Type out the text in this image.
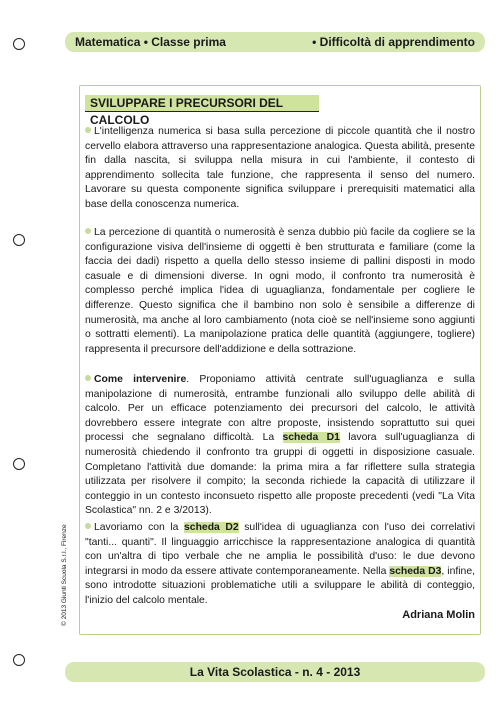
Matematica • Classe prima	• Difficoltà di apprendimento
SVILUPPARE I PRECURSORI DEL CALCOLO
© 2013 Giunti Scuola S.r.l., Firenze

L'intelligenza numerica si basa sulla percezione di piccole quantità che il nostro cervello elabora attraverso una rappresentazione analogica. Questa abilità, presente fin dalla nascita, si sviluppa nella misura in cui l'ambiente, il contesto di apprendimento sollecita tale funzione, che rappresenta il senso del numero. Lavorare su questa componente significa sviluppare i prerequisiti matematici alla base della conoscenza numerica.

La percezione di quantità o numerosità è senza dubbio più facile da cogliere se la configurazione visiva dell'insieme di oggetti è ben strutturata e familiare (come la faccia dei dadi) rispetto a quella dello stesso insieme di pallini disposti in modo casuale e di dimensioni diverse. In ogni modo, il confronto tra numerosità è complesso perché implica l'idea di uguaglianza, fondamentale per cogliere le differenze. Questo significa che il bambino non solo è sensibile a differenze di numerosità, ma anche al loro cambiamento (nota cioè se nell'insieme sono aggiunti o sottratti elementi). La manipolazione pratica delle quantità (aggiungere, togliere) rappresenta il precursore dell'addizione e della sottrazione.

Come intervenire. Proponiamo attività centrate sull'uguaglianza e sulla manipolazione di numerosità, entrambe funzionali allo sviluppo delle abilità di calcolo. Per un efficace potenziamento dei precursori del calcolo, le attività dovrebbero essere integrate con altre proposte, insistendo soprattutto sui quei processi che segnalano difficoltà. La scheda D1 lavora sull'uguaglianza di numerosità chiedendo il confronto tra gruppi di oggetti in disposizione casuale. Completano l'attività due domande: la prima mira a far riflettere sulla strategia utilizzata per risolvere il compito; la seconda richiede la capacità di utilizzare il conteggio in un contesto inconsueto rispetto alle proposte precedenti (vedi "La Vita Scolastica" nn. 2 e 3/2013).

Lavoriamo con la scheda D2 sull'idea di uguaglianza con l'uso dei correlativi "tanti... quanti". Il linguaggio arricchisce la rappresentazione analogica di quantità con un'altra di tipo verbale che ne amplia le possibilità d'uso: le due devono integrarsi in modo da essere attivate contemporaneamente. Nella scheda D3, infine, sono introdotte situazioni problematiche utili a sviluppare le abilità di conteggio, l'inizio del calcolo mentale.

Adriana Molin
La Vita Scolastica - n. 4 - 2013
